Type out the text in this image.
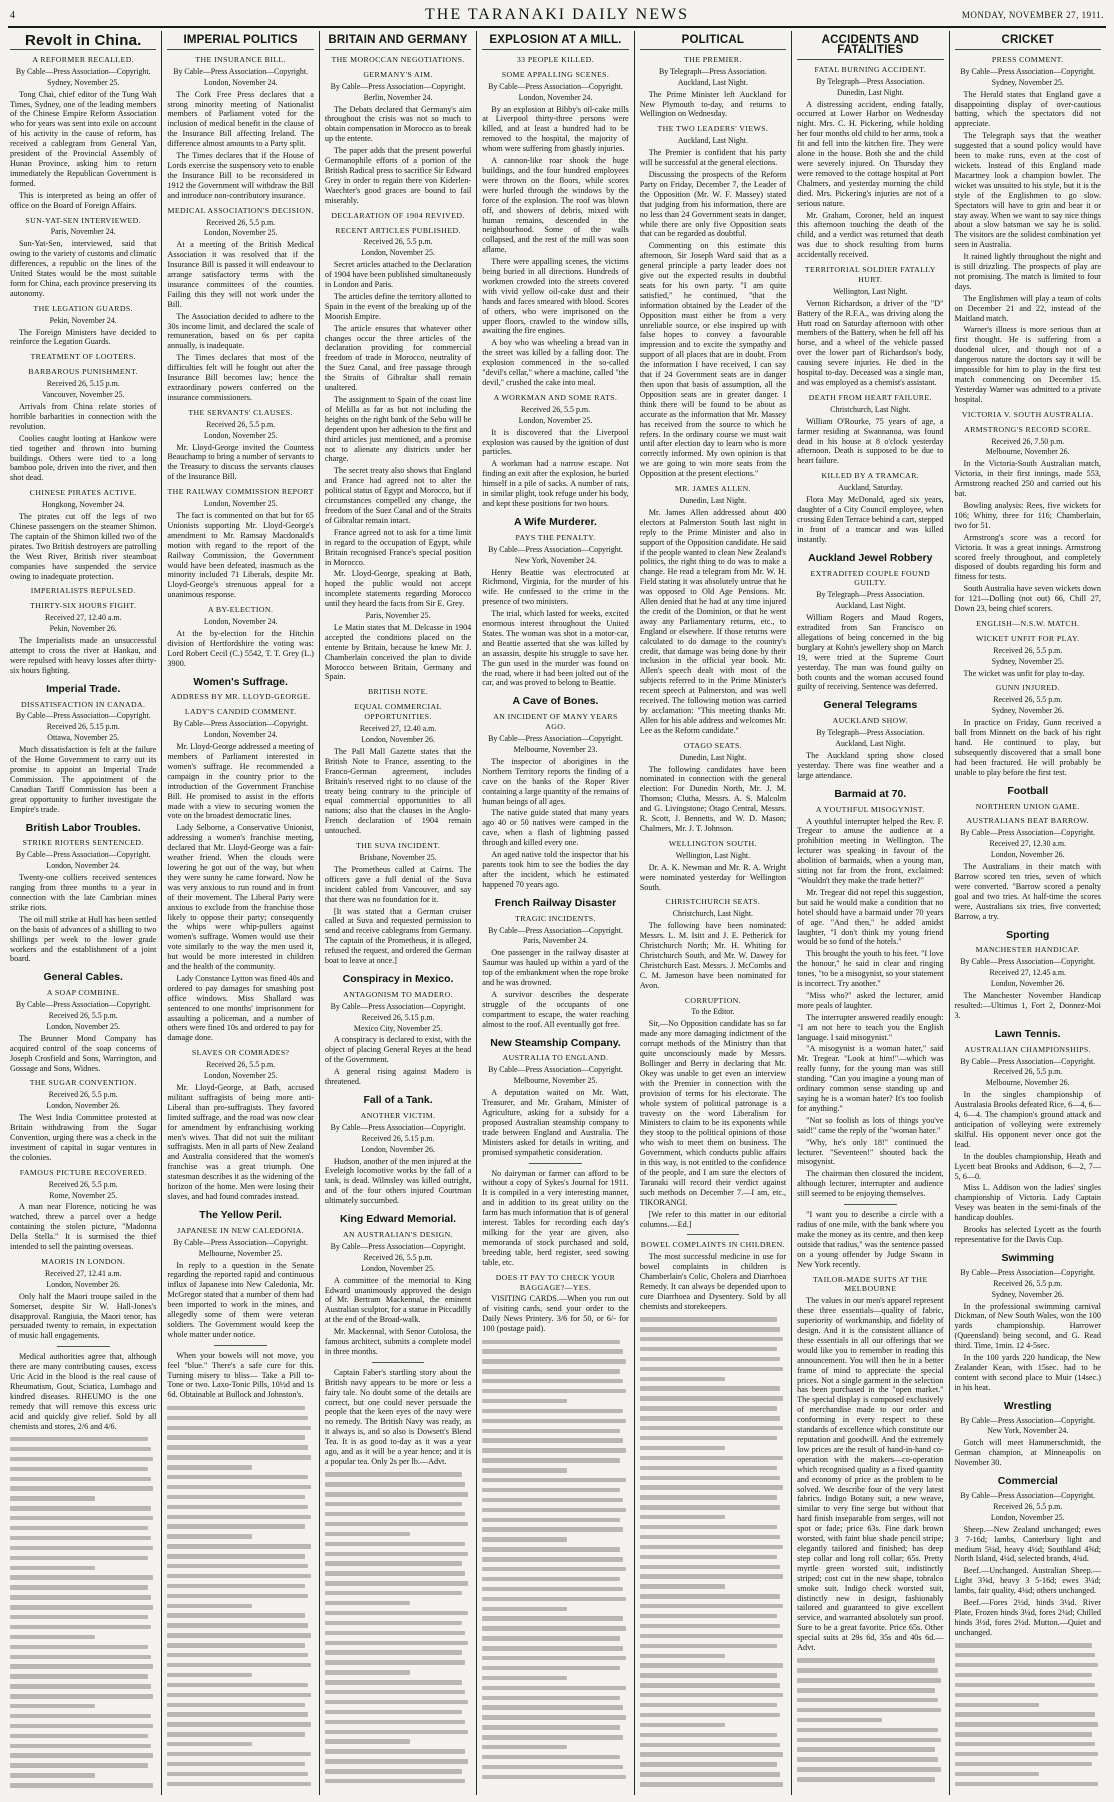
4	THE TARANAKI DAILY NEWS	MONDAY, NOVEMBER 27, 1911.
Revolt in China.
A REFORMER RECALLED.
By Cable—Press Association—Copyright.
Sydney, November 25.
Tong Chai, chief editor of the Tung Wah Times, Sydney, one of the leading members of the Chinese Empire Reform Association who for years was sent into exile on account of his activity in the cause of reform, has received a cablegram from General Yan, president of the Provincial Assembly of Hunan Province, asking him to return immediately the Republican Government is formed.
This is interpreted as being an offer of office on the Board of Foreign Affairs.
SUN-YAT-SEN INTERVIEWED.
Paris, November 24.
Sun-Yat-Sen, interviewed, said that owing to the variety of customs and climatic differences, a republic on the lines of the United States would be the most suitable form for China, each province preserving its autonomy.
THE LEGATION GUARDS.
Pekin, November 24.
The Foreign Ministers have decided to reinforce the Legation Guards.
TREATMENT OF LOOTERS.
BARBAROUS PUNISHMENT.
Received 26, 5.15 p.m.
Vancouver, November 25.
Arrivals from China relate stories of horrible barbarities in connection with the revolution.
Coolies caught looting at Hankow were tied together and thrown into burning buildings. Others were tied to a long bamboo pole, driven into the river, and then shot dead.
CHINESE PIRATES ACTIVE.
Hongkong, November 24.
The pirates cut off the legs of two Chinese passengers on the steamer Shimon. The captain of the Shimon killed two of the pirates. Two British destroyers are patrolling the West River, British river steamboat companies have suspended the service owing to inadequate protection.
IMPERIALISTS REPULSED.
THIRTY-SIX HOURS FIGHT.
Received 27, 12.40 a.m.
Pekin, November 26.
The Imperialists made an unsuccessful attempt to cross the river at Hankau, and were repulsed with heavy losses after thirty-six hours fighting.
Imperial Trade.
DISSATISFACTION IN CANADA.
By Cable—Press Association—Copyright.
Received 26, 5.15 p.m.
Ottawa, November 25.
Much dissatisfaction is felt at the failure of the Home Government to carry out its promise to appoint an Imperial Trade Commission. The appointment of the Canadian Tariff Commission has been a great opportunity to further investigate the Empire's trade.
British Labor Troubles.
STRIKE RIOTERS SENTENCED.
By Cable—Press Association—Copyright.
London, November 24.
Twenty-one colliers received sentences ranging from three months to a year in connection with the late Cambrian mines strike riots.
The oil mill strike at Hull has been settled on the basis of advances of a shilling to two shillings per week to the lower grade workers and the establishment of a joint board.
General Cables.
A SOAP COMBINE.
By Cable—Press Association—Copyright.
Received 26, 5.5 p.m.
London, November 25.
The Brunner Mond Company has acquired control of the soap concerns of Joseph Crosfield and Sons, Warrington, and Gossage and Sons, Widnes.
THE SUGAR CONVENTION.
Received 26, 5.5 p.m.
London, November 26.
The West India Committee protested at Britain withdrawing from the Sugar Convention, urging there was a check in the investment of capital in sugar ventures in the colonies.
FAMOUS PICTURE RECOVERED.
Received 26, 5.5 p.m.
Rome, November 25.
A man near Florence, noticing he was watched, threw a parcel over a hedge containing the stolen picture, "Madonna Della Stella." It is surmised the thief intended to sell the painting overseas.
MAORIS IN LONDON.
Received 27, 12.41 a.m.
London, November 26.
Only half the Maori troupe sailed in the Somerset, despite Sir W. Hall-Jones's disapproval. Rangiuia, the Maori tenor, has persuaded twenty to remain, in expectation of music hall engagements.
Medical authorities agree that, although there are many contributing causes, excess Uric Acid in the blood is the real cause of Rheumatism, Gout, Sciatica, Lumbago and kindred diseases. RHEUMO is the one remedy that will remove this excess uric acid and quickly give relief. Sold by all chemists and stores, 2/6 and 4/6.
IMPERIAL POLITICS
THE INSURANCE BILL.
By Cable—Press Association—Copyright.
London, November 24.
The Cork Free Press declares that a strong minority meeting of Nationalist members of Parliament voted for the inclusion of medical benefit in the clause of the Insurance Bill affecting Ireland. The difference almost amounts to a Party split.
The Times declares that if the House of Lords exercise the suspensory veto to enable the Insurance Bill to be reconsidered in 1912 the Government will withdraw the Bill and introduce non-contributory insurance.
MEDICAL ASSOCIATION'S DECISION.
Received 26, 5.5 p.m.
London, November 25.
At a meeting of the British Medical Association it was resolved that if the Insurance Bill is passed it will endeavour to arrange satisfactory terms with the insurance committees of the counties. Failing this they will not work under the Bill.
The Association decided to adhere to the 30s income limit, and declared the scale of remuneration, based on 6s per capita annually, is inadequate.
The Times declares that most of the difficulties felt will be fought out after the Insurance Bill becomes law; hence the extraordinary powers conferred on the insurance commissioners.
THE SERVANTS' CLAUSES.
Received 26, 5.5 p.m.
London, November 25.
Mr. Lloyd-George invited the Countess Beauchamp to bring a number of servants to the Treasury to discuss the servants clauses of the Insurance Bill.
THE RAILWAY COMMISSION REPORT
London, November 25.
The fact is commented on that but for 65 Unionists supporting Mr. Lloyd-George's amendment to Mr. Ramsay Macdonald's motion with regard to the report of the Railway Commission, the Government would have been defeated, inasmuch as the minority included 71 Liberals, despite Mr. Lloyd-George's strenuous appeal for a unanimous response.
A BY-ELECTION.
London, November 24.
At the by-election for the Hitchin division of Hertfordshire the voting was: Lord Robert Cecil (C.) 5542, T. T. Grey (L.) 3900.
Women's Suffrage.
ADDRESS BY MR. LLOYD-GEORGE.
LADY'S CANDID COMMENT.
By Cable—Press Association—Copyright.
London, November 24.
Mr. Lloyd-George addressed a meeting of members of Parliament interested in women's suffrage. He recommended a campaign in the country prior to the introduction of the Government Franchise Bill. He promised to assist in the efforts made with a view to securing women the vote on the broadest democratic lines.
Lady Selborne, a Conservative Unionist, addressing a women's franchise meeting, declared that Mr. Lloyd-George was a fair-weather friend. When the clouds were lowering he got out of the way, but when they were sunny he came forward. Now he was very anxious to run round and in front of their movement. The Liberal Party were anxious to exclude from the franchise those likely to oppose their party; consequently the whips were whip-pullers against women's suffrage. Women would use their vote similarly to the way the men used it, but would be more interested in children and the health of the community.
Lady Constance Lytton was fined 40s and ordered to pay damages for smashing post office windows. Miss Shallard was sentenced to one months' imprisonment for assaulting a policeman, and a number of others were fined 10s and ordered to pay for damage done.
SLAVES OR COMRADES?
Received 26, 5.5 p.m.
London, November 25.
Mr. Lloyd-George, at Bath, accused militant suffragists of being more anti-Liberal than pro-suffragists. They favored limited suffrage, and the road was now clear for amendment by enfranchising working men's wives. That did not suit the militant suffragists. Men in all parts of New Zealand and Australia considered that the women's franchise was a great triumph. One statesman describes it as the widening of the horizon of the home. Men were losing their slaves, and had found comrades instead.
The Yellow Peril.
JAPANESE IN NEW CALEDONIA.
By Cable—Press Association—Copyright.
Melbourne, November 25.
In reply to a question in the Senate regarding the reported rapid and continuous influx of Japanese into New Caledonia, Mr. McGregor stated that a number of them had been imported to work in the mines, and allegedly some of them were veteran soldiers. The Government would keep the whole matter under notice.
When your bowels will not move, you feel "blue." There's a safe cure for this. Turning misery to bliss— Take a Pill to-Tone or two. Laxo-Tonic Pills, 10½d and 1s 6d. Obtainable at Bullock and Johnston's.
BRITAIN AND GERMANY
THE MOROCCAN NEGOTIATIONS.
GERMANY'S AIM.
By Cable—Press Association—Copyright.
Berlin, November 24.
The Debats declared that Germany's aim throughout the crisis was not so much to obtain compensation in Morocco as to break up the entente.
The paper adds that the present powerful Germanophile efforts of a portion of the British Radical press to sacrifice Sir Edward Grey in order to regain there von Kiderlen-Waechter's good graces are bound to fail miserably.
DECLARATION OF 1904 REVIVED.
RECENT ARTICLES PUBLISHED.
Received 26, 5.5 p.m.
London, November 25.
Secret articles attached to the Declaration of 1904 have been published simultaneously in London and Paris.
The articles define the territory allotted to Spain in the event of the breaking up of the Moorish Empire.
The article ensures that whatever other changes occur the three articles of the declaration providing for commercial freedom of trade in Morocco, neutrality of the Suez Canal, and free passage through the Straits of Gibraltar shall remain unaltered.
The assignment to Spain of the coast line of Melilla as far as but not including the heights on the right bank of the Sebu will be dependent upon her adhesion to the first and third articles just mentioned, and a promise not to alienate any districts under her charge.
The secret treaty also shows that England and France had agreed not to alter the political status of Egypt and Morocco, but if circumstances compelled any change, the freedom of the Suez Canal and of the Straits of Gibraltar remain intact.
France agreed not to ask for a time limit in regard to the occupation of Egypt, while Britain recognised France's special position in Morocco.
Mr. Lloyd-George, speaking at Bath, hoped the public would not accept incomplete statements regarding Morocco until they heard the facts from Sir E. Grey.
Paris, November 25.
Le Matin states that M. Delcasse in 1904 accepted the conditions placed on the entente by Britain, because he knew Mr. J. Chamberlain conceived the plan to divide Morocco between Britain, Germany and Spain.
BRITISH NOTE.
EQUAL COMMERCIAL OPPORTUNITIES.
Received 27, 12.40 a.m.
London, November 26.
The Pall Mall Gazette states that the British Note to France, assenting to the Franco-German agreement, includes Britain's reserved right to no clause of the treaty being contrary to the principle of equal commercial opportunities to all nations; also that the clauses in the Anglo-French declaration of 1904 remain untouched.
THE SUVA INCIDENT.
Brisbane, November 25.
The Prometheus called at Cairns. The officers gave a full denial of the Suva incident cabled from Vancouver, and say that there was no foundation for it.
[It was stated that a German cruiser called at Suva and requested permission to send and receive cablegrams from Germany. The captain of the Prometheus, it is alleged, refused the request, and ordered the German boat to leave at once.]
Conspiracy in Mexico.
ANTAGONISM TO MADERO.
By Cable—Press Association—Copyright.
Received 26, 5.15 p.m.
Mexico City, November 25.
A conspiracy is declared to exist, with the object of placing General Reyes at the head of the Government.
A general rising against Madero is threatened.
Fall of a Tank.
ANOTHER VICTIM.
By Cable—Press Association—Copyright.
Received 26, 5.15 p.m.
London, November 26.
Hudson, another of the men injured at the Eveleigh locomotive works by the fall of a tank, is dead. Wilmsley was killed outright, and of the four others injured Courtman ultimately succumbed.
King Edward Memorial.
AN AUSTRALIAN'S DESIGN.
By Cable—Press Association—Copyright.
Received 26, 5.5 p.m.
London, November 25.
A committee of the memorial to King Edward unanimously approved the design of Mr. Bertram Mackennal, the eminent Australian sculptor, for a statue in Piccadilly at the end of the Broad-walk.
Mr. Mackennal, with Senor Cutolosa, the famous architect, submits a complete model in three months.
Captain Faber's startling story about the British navy appears to be more or less a fairy tale. No doubt some of the details are correct, but one could never persuade the people that the keen eyes of the navy were no remedy. The British Navy was ready, as it always is, and so also is Dowsett's Blend Tea. It is as good to-day as it was a year ago, and as it will be a year hence; and it is a popular tea. Only 2s per lb.—Advt.
EXPLOSION AT A MILL.
33 PEOPLE KILLED.
SOME APPALLING SCENES.
By Cable—Press Association—Copyright.
London, November 24.
By an explosion at Bibby's oil-cake mills at Liverpool thirty-three persons were killed, and at least a hundred had to be removed to the hospital, the majority of whom were suffering from ghastly injuries.
A cannon-like roar shook the huge buildings, and the four hundred employees were thrown on the floors, while scores were hurled through the windows by the force of the explosion. The roof was blown off, and showers of debris, mixed with human remains, descended in the neighbourhood. Some of the walls collapsed, and the rest of the mill was soon aflame.
There were appalling scenes, the victims being buried in all directions. Hundreds of workmen crowded into the streets covered with vivid yellow oil-cake dust and their hands and faces smeared with blood. Scores of others, who were imprisoned on the upper floors, crawled to the window sills, awaiting the fire engines.
A boy who was wheeling a bread van in the street was killed by a falling door. The explosion commenced in the so-called "devil's cellar," where a machine, called "the devil," crushed the cake into meal.
A WORKMAN AND SOME RATS.
Received 26, 5.5 p.m.
London, November 25.
It is discovered that the Liverpool explosion was caused by the ignition of dust particles.
A workman had a narrow escape. Not finding an exit after the explosion, he buried himself in a pile of sacks. A number of rats, in similar plight, took refuge under his body, and kept these positions for two hours.
A Wife Murderer.
PAYS THE PENALTY.
By Cable—Press Association—Copyright.
New York, November 24.
Henry Beattie was electrocuted at Richmond, Virginia, for the murder of his wife. He confessed to the crime in the presence of two ministers.
The trial, which lasted for weeks, excited enormous interest throughout the United States. The woman was shot in a motor-car, and Beattie asserted that she was killed by an assassin, despite his struggle to save her. The gun used in the murder was found on the road, where it had been jolted out of the car, and was proved to belong to Beattie.
A Cave of Bones.
AN INCIDENT OF MANY YEARS AGO.
By Cable—Press Association—Copyright.
Melbourne, November 23.
The inspector of aborigines in the Northern Territory reports the finding of a cave on the banks of the Roper River containing a large quantity of the remains of human beings of all ages.
The native guide stated that many years ago 40 or 50 natives were camped in the cave, when a flash of lightning passed through and killed every one.
An aged native told the inspector that his parents took him to see the bodies the day after the incident, which he estimated happened 70 years ago.
French Railway Disaster
TRAGIC INCIDENTS.
By Cable—Press Association—Copyright.
Paris, November 24.
One passenger in the railway disaster at Saumur was hauled up within a yard of the top of the embankment when the rope broke and he was drowned.
A survivor describes the desperate struggle of the occupants of one compartment to escape, the water reaching almost to the roof. All eventually got free.
New Steamship Company.
AUSTRALIA TO ENGLAND.
By Cable—Press Association—Copyright.
Melbourne, November 25.
A deputation waited on Mr. Watt, Treasurer, and Mr. Graham, Minister of Agriculture, asking for a subsidy for a proposed Australian steamship company to trade between England and Australia. The Ministers asked for details in writing, and promised sympathetic consideration.
No dairyman or farmer can afford to be without a copy of Sykes's Journal for 1911. It is compiled in a very interesting manner, and in addition to its great utility on the farm has much information that is of general interest. Tables for recording each day's milking for the year are given, also memoranda of stock purchased and sold, breeding table, herd register, seed sowing table, etc.
DOES IT PAY TO CHECK YOUR BAGGAGE?—YES.
VISITING CARDS.—When you run out of visiting cards, send your order to the Daily News Printery. 3/6 for 50, or 6/- for 100 (postage paid).
POLITICAL
THE PREMIER.
By Telegraph—Press Association.
Auckland, Last Night.
The Prime Minister left Auckland for New Plymouth to-day, and returns to Wellington on Wednesday.
THE TWO LEADERS' VIEWS.
Auckland, Last Night.
The Premier is confident that his party will be successful at the general elections.
Discussing the prospects of the Reform Party on Friday, December 7, the Leader of the Opposition (Mr. W. F. Massey) stated that judging from his information, there are no less than 24 Government seats in danger, while there are only five Opposition seats that can be regarded as doubtful.
Commenting on this estimate this afternoon, Sir Joseph Ward said that as a general principle a party leader does not give out the expected results in doubtful seats for his own party. "I am quite satisfied," he continued, "that the information obtained by the Leader of the Opposition must either be from a very unreliable source, or else inspired up with false hopes to convey a favourable impression and to excite the sympathy and support of all places that are in doubt. From the information I have received, I can say that if 24 Government seats are in danger then upon that basis of assumption, all the Opposition seats are in greater danger. I think there will be found to be about as accurate as the information that Mr. Massey has received from the source to which he refers. In the ordinary course we must wait until after election day to learn who is more correctly informed. My own opinion is that we are going to win more seats from the Opposition at the present elections."
MR. JAMES ALLEN.
Dunedin, Last Night.
Mr. James Allen addressed about 400 electors at Palmerston South last night in reply to the Prime Minister and also in support of the Opposition candidate. He said if the people wanted to clean New Zealand's politics, the right thing to do was to make a change. He read a telegram from Mr. W. H. Field stating it was absolutely untrue that he was opposed to Old Age Pensions. Mr. Allen denied that he had at any time injured the credit of the Dominion, or that he went away any Parliamentary returns, etc., to England or elsewhere. If those returns were calculated to do damage to the country's credit, that damage was being done by their inclusion in the official year book. Mr. Allen's speech dealt with most of the subjects referred to in the Prime Minister's recent speech at Palmerston, and was well received. The following motion was carried by acclamation: "This meeting thanks Mr. Allen for his able address and welcomes Mr. Lee as the Reform candidate."
OTAGO SEATS.
Dunedin, Last Night.
The following candidates have been nominated in connection with the general election: For Dunedin North, Mr. J. M. Thomson; Clutha, Messrs. A. S. Malcolm and G. Livingstone; Otago Central, Messrs. R. Scott, J. Bennetts, and W. D. Mason; Chalmers, Mr. J. T. Johnson.
WELLINGTON SOUTH.
Wellington, Last Night.
Dr. A. K. Newman and Mr. R. A. Wright were nominated yesterday for Wellington South.
CHRISTCHURCH SEATS.
Christchurch, Last Night.
The following have been nominated: Messrs. L. M. Isitt and J. E. Petherick for Christchurch North; Mr. H. Whiting for Christchurch South, and Mr. W. Dawey for Christchurch East. Messrs. J. McCombs and C. M. Jameson have been nominated for Avon.
CORRUPTION.
To the Editor.
Sir,—No Opposition candidate has so far made any more damaging indictment of the corrupt methods of the Ministry than that quite unconsciously made by Messrs. Bollinger and Berry in declaring that Mr. Okey was unable to get even an interview with the Premier in connection with the provision of terms for his electorate. The whole system of political patronage is a travesty on the word Liberalism for Ministers to claim to be its exponents while they stoop to the political opinions of those who wish to meet them on business. The Government, which conducts public affairs in this way, is not entitled to the confidence of the people, and I am sure the electors of Taranaki will record their verdict against such methods on December 7.—I am, etc., TIKORANGI.
[We refer to this matter in our editorial columns.—Ed.]
BOWEL COMPLAINTS IN CHILDREN.
The most successful medicine in use for bowel complaints in children is Chamberlain's Colic, Cholera and Diarrhoea Remedy. It can always be depended upon to cure Diarrhoea and Dysentery. Sold by all chemists and storekeepers.
ACCIDENTS AND FATALITIES
FATAL BURNING ACCIDENT.
By Telegraph—Press Association.
Dunedin, Last Night.
A distressing accident, ending fatally, occurred at Lower Harbor on Wednesday night. Mrs. C. H. Pickering, while holding her four months old child to her arms, took a fit and fell into the kitchen fire. They were alone in the house. Both she and the child were severely injured. On Thursday they were removed to the cottage hospital at Port Chalmers, and yesterday morning the child died. Mrs. Pickering's injuries are not of a serious nature.
Mr. Graham, Coroner, held an inquest this afternoon touching the death of the child, and a verdict was returned that death was due to shock resulting from burns accidentally received.
TERRITORIAL SOLDIER FATALLY HURT.
Wellington, Last Night.
Vernon Richardson, a driver of the "D" Battery of the R.F.A., was driving along the Hutt road on Saturday afternoon with other members of the Battery, when he fell off his horse, and a wheel of the vehicle passed over the lower part of Richardson's body, causing severe injuries. He died in the hospital to-day. Deceased was a single man, and was employed as a chemist's assistant.
DEATH FROM HEART FAILURE.
Christchurch, Last Night.
William O'Rourke, 75 years of age, a farmer residing at Swannanoa, was found dead in his house at 8 o'clock yesterday afternoon. Death is supposed to be due to heart failure.
KILLED BY A TRAMCAR.
Auckland, Saturday.
Flora May McDonald, aged six years, daughter of a City Council employee, when crossing Eden Terrace behind a cart, stepped in front of a tramcar and was killed instantly.
Auckland Jewel Robbery
EXTRADITED COUPLE FOUND GUILTY.
By Telegraph—Press Association.
Auckland, Last Night.
William Rogers and Maud Rogers, extradited from San Francisco on allegations of being concerned in the big burglary at Kohn's jewellery shop on March 19, were tried at the Supreme Court yesterday. The man was found guilty on both counts and the woman accused found guilty of receiving. Sentence was deferred.
General Telegrams
AUCKLAND SHOW.
By Telegraph—Press Association.
Auckland, Last Night.
The Auckland spring show closed yesterday. There was fine weather and a large attendance.
Barmaid at 70.
A YOUTHFUL MISOGYNIST.
A youthful interrupter helped the Rev. F. Tregear to amuse the audience at a prohibition meeting in Wellington. The lecturer was speaking in favour of the abolition of barmaids, when a young man, sitting not far from the front, exclaimed: "Wouldn't they make the trade better?"
Mr. Tregear did not repel this suggestion, but said he would make a condition that no hotel should have a barmaid under 70 years of age. "And then," he added amidst laughter, "I don't think my young friend would be so fond of the hotels."
This brought the youth to his feet. "I love the honour," he said in clear and ringing tones, "to be a misogynist, so your statement is incorrect. Try another."
"Miss who?" asked the lecturer, amid more peals of laughter.
The interrupter answered readily enough: "I am not here to teach you the English language. I said misogynist."
"A misogynist is a woman hater," said Mr. Tregear. "Look at him!"—which was really funny, for the young man was still standing. "Can you imagine a young man of ordinary common sense standing up and saying he is a woman hater? It's too foolish for anything."
"Not so foolish as lots of things you've said!" came the reply of the "woman hater."
"Why, he's only 18!" continued the lecturer. "Seventeen!" shouted back the misogynist.
The chairman then closured the incident, although lecturer, interrupter and audience still seemed to be enjoying themselves.
"I want you to describe a circle with a radius of one mile, with the bank where you make the money as its centre, and then keep outside that radius," was the sentence passed on a young offender by Judge Swann in New York recently.
TAILOR-MADE SUITS AT THE MELBOURNE
The values in our men's apparel represent these three essentials—quality of fabric, superiority of workmanship, and fidelity of design. And it is the consistent alliance of these essentials in all our offerings that we would like you to remember in reading this announcement. You will then be in a better frame of mind to appreciate the special prices. Not a single garment in the selection has been purchased in the "open market." The special display is composed exclusively of merchandise made to our order and conforming in every respect to these standards of excellence which constitute our reputation and goodwill. And the extremely low prices are the result of hand-in-hand co-operation with the makers—co-operation which recognised quality as a fixed quantity and economy of price as the problem to be solved. We describe four of the very latest fabrics. Indigo Botany suit, a new weave, similar to very fine serge but without that hard finish inseparable from serges, will not spot or fade; price 63s. Fine dark brown worsted, with faint blue shade pencil stripe; elegantly tailored and finished; has deep step collar and long roll collar; 65s. Pretty myrtle green worsted suit, indistinctly striped; cost cut in the new shape, tobralco smoke suit. Indigo check worsted suit, distinctly new in design, fashionably tailored and guaranteed to give excellent service, and warranted absolutely sun proof. Sure to be a great favorite. Price 65s. Other special suits at 29s 6d, 35s and 40s 6d.—Advt.
CRICKET
PRESS COMMENT.
By Cable—Press Association—Copyright.
Sydney, November 25.
The Herald states that England gave a disappointing display of over-cautious batting, which the spectators did not appreciate.
The Telegraph says that the weather suggested that a sound policy would have been to make runs, even at the cost of wickets. Instead of this England made Macartney look a champion bowler. The wicket was unsuited to his style, but it is the style of the Englishmen to go slow. Spectators will have to grin and bear it or stay away. When we want to say nice things about a slow batsman we say he is solid. The visitors are the solidest combination yet seen in Australia.
It rained lightly throughout the night and is still drizzling. The prospects of play are not promising. The match is limited to four days.
The Englishmen will play a team of colts on December 21 and 22, instead of the Maitland match.
Warner's illness is more serious than at first thought. He is suffering from a duodenal ulcer, and though not of a dangerous nature the doctors say it will be impossible for him to play in the first test match commencing on December 15. Yesterday Warner was admitted to a private hospital.
VICTORIA V. SOUTH AUSTRALIA.
ARMSTRONG'S RECORD SCORE.
Received 26, 7.50 p.m.
Melbourne, November 26.
In the Victoria-South Australian match, Victoria, in their first innings, made 553, Armstrong reached 250 and carried out his bat.
Bowling analysis: Rees, five wickets for 106; Whitty, three for 116; Chamberlain, two for 51.
Armstrong's score was a record for Victoria. It was a great innings. Armstrong scored freely throughout, and completely disposed of doubts regarding his form and fitness for tests.
South Australia have seven wickets down for 121—Dolling (not out) 66, Chill 27, Down 23, being chief scorers.
ENGLISH—N.S.W. MATCH.
WICKET UNFIT FOR PLAY.
Received 26, 5.5 p.m.
Sydney, November 25.
The wicket was unfit for play to-day.
GUNN INJURED.
Received 26, 5.5 p.m.
Sydney, November 26.
In practice on Friday, Gunn received a ball from Minnett on the back of his right hand. He continued to play, but subsequently discovered that a small bone had been fractured. He will probably be unable to play before the first test.
Football
NORTHERN UNION GAME.
AUSTRALIANS BEAT BARROW.
By Cable—Press Association—Copyright.
Received 27, 12.30 a.m.
London, November 26.
The Australians in their match with Barrow scored ten tries, seven of which were converted. "Barrow scored a penalty goal and two tries. At half-time the scores were, Australians six tries, five converted; Barrow, a try.
Sporting
MANCHESTER HANDICAP.
By Cable—Press Association—Copyright.
Received 27, 12.45 a.m.
London, November 26.
The Manchester November Handicap resulted:—Ultimus 1, Fort 2, Donnez-Moi 3.
Lawn Tennis.
AUSTRALIAN CHAMPIONSHIPS.
By Cable—Press Association—Copyright.
Received 26, 5.5 p.m.
Melbourne, November 26.
In the singles championship of Australasia Brooks defeated Rice, 6—4, 6—4, 6—4. The champion's ground attack and anticipation of volleying were extremely skilful. His opponent never once got the lead.
In the doubles championship, Heath and Lycett beat Brooks and Addison, 6—2, 7—5, 6—0.
Miss L. Addison won the ladies' singles championship of Victoria. Lady Captain Vesey was beaten in the semi-finals of the handicap doubles.
Brooks has selected Lycett as the fourth representative for the Davis Cup.
Swimming
By Cable—Press Association—Copyright.
Received 26, 5.5 p.m.
Sydney, November 26.
In the professional swimming carnival Dickman, of New South Wales, won the 100 yards championship. Harrower (Queensland) being second, and G. Read third. Time, 1min. 12 4-5sec.
In the 100 yards 220 handicap, the New Zealander Kean, with 15sec. had to be content with second place to Muir (14sec.) in his heat.
Wrestling
By Cable—Press Association—Copyright.
New York, November 24.
Gotch will meet Hammerschmidt, the German champion, at Minneapolis on November 30.
Commercial
By Cable—Press Association—Copyright.
Received 26, 5.5 p.m.
London, November 25.
Sheep.—New Zealand unchanged; ewes 3 7-16d; lambs, Canterbury light and medium 5¼d, heavy 4½d; Southland 4⅝d; North Island, 4¼d, selected brands, 4¾d.
Beef.—Unchanged. Australian Sheep.—Light 3⅝d, heavy 3 5-16d; ewes 3¼d; lambs, fair quality, 4¼d; others unchanged.
Beef.—Fores 2½d, hinds 3¼d. River Plate, Frozen hinds 3¼d, fores 2¼d; Chilled hinds 3½d, fores 2½d. Mutton.—Quiet and unchanged.
